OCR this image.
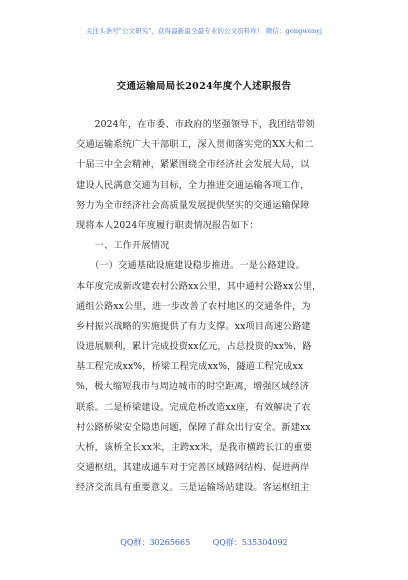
关注头条号"公文研究"，获得最新最全最专业的公文资料库！ 微信：gongwenyj
交通运输局局长2024年度个人述职报告
　　2024年，在市委、市政府的坚强领导下，我团结带领
交通运输系统广大干部职工，深入贯彻落实党的XX大和二
十届三中全会精神，紧紧围绕全市经济社会发展大局，以
建设人民满意交通为目标，全力推进交通运输各项工作，
努力为全市经济社会高质量发展提供坚实的交通运输保障
现将本人2024年度履行职责情况报告如下：
　　一、工作开展情况
　　（一）交通基础设施建设稳步推进。一是公路建设。
本年度完成新改建农村公路xx公里，其中通村公路xx公里，
通组公路xx公里，进一步改善了农村地区的交通条件，为
乡村振兴战略的实施提供了有力支撑。xx项目高速公路建
设进展顺利，累计完成投资xx亿元，占总投资的xx%，路
基工程完成xx%，桥梁工程完成xx%，隧道工程完成xx
%，极大缩短我市与周边城市的时空距离，增强区域经济
联系。二是桥梁建设。完成危桥改造xx座，有效解决了农
村公路桥梁安全隐患问题，保障了群众出行安全。新建xx
大桥，该桥全长xx米，主跨xx米，是我市横跨长江的重要
交通枢纽，其建成通车对于完善区域路网结构、促进两岸
经济交流具有重要意义。三是运输场站建设。客运枢纽主
QQ群：30265665	QQ群：535304092
